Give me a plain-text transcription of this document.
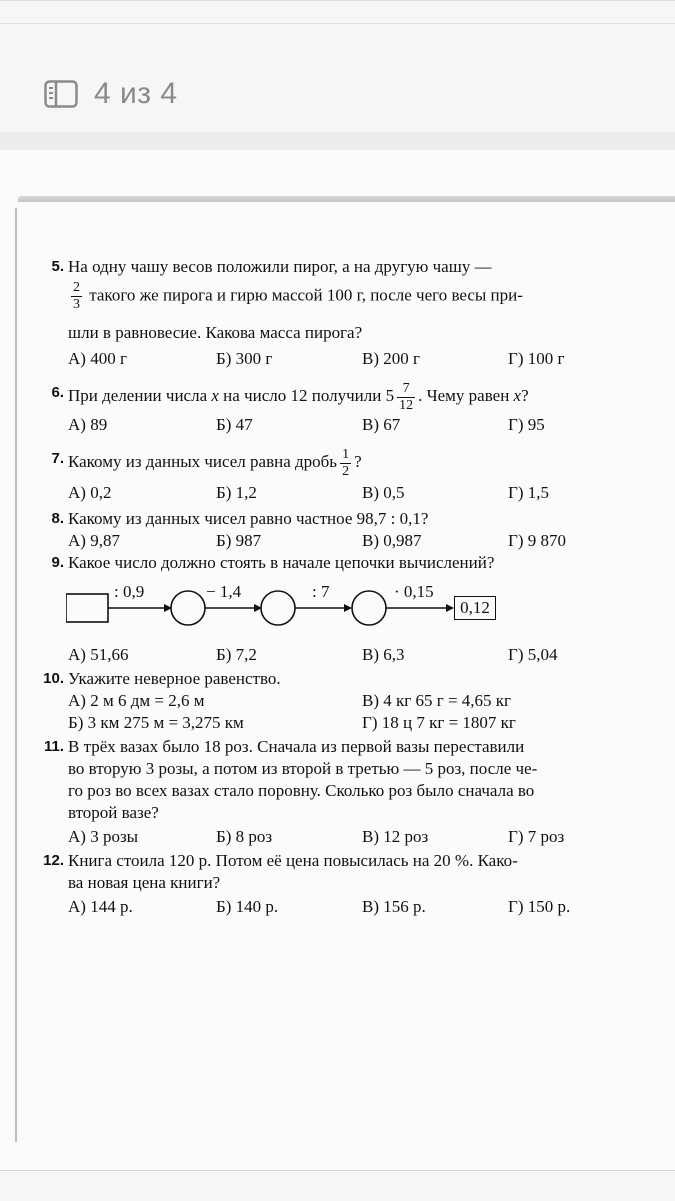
4 из 4
5. На одну чашу весов положили пирог, а на другую чашу —
$\frac{2}{3}$ такого же пирога и гирю массой 100 г, после чего весы при-
шли в равновесие. Какова масса пирога?
А) 400 г	Б) 300 г	В) 200 г	Г) 100 г
6. При делении числа x на число 12 получили $5 \frac{7}{12}$ . Чему равен x?
А) 89	Б) 47	В) 67	Г) 95
7. Какому из данных чисел равна дробь $\frac{1}{2}$ ?
А) 0,2	Б) 1,2	В) 0,5	Г) 1,5
8. Какому из данных чисел равно частное 98,7 : 0,1?
А) 9,87	Б) 987	В) 0,987	Г) 9 870
9. Какое число должно стоять в начале цепочки вычислений?
: 0,9	− 1,4	: 7	· 0,15
0,12
А) 51,66	Б) 7,2	В) 6,3	Г) 5,04
10. Укажите неверное равенство.
А) 2 м 6 дм = 2,6 м	В) 4 кг 65 г = 4,65 кг
Б) 3 км 275 м = 3,275 км	Г) 18 ц 7 кг = 1807 кг
11. В трёх вазах было 18 роз. Сначала из первой вазы переставили
во вторую 3 розы, а потом из второй в третью — 5 роз, после че-
го роз во всех вазах стало поровну. Сколько роз было сначала во
второй вазе?
А) 3 розы	Б) 8 роз	В) 12 роз	Г) 7 роз
12. Книга стоила 120 р. Потом её цена повысилась на 20 %. Како-
ва новая цена книги?
А) 144 р.	Б) 140 р.	В) 156 р.	Г) 150 р.
